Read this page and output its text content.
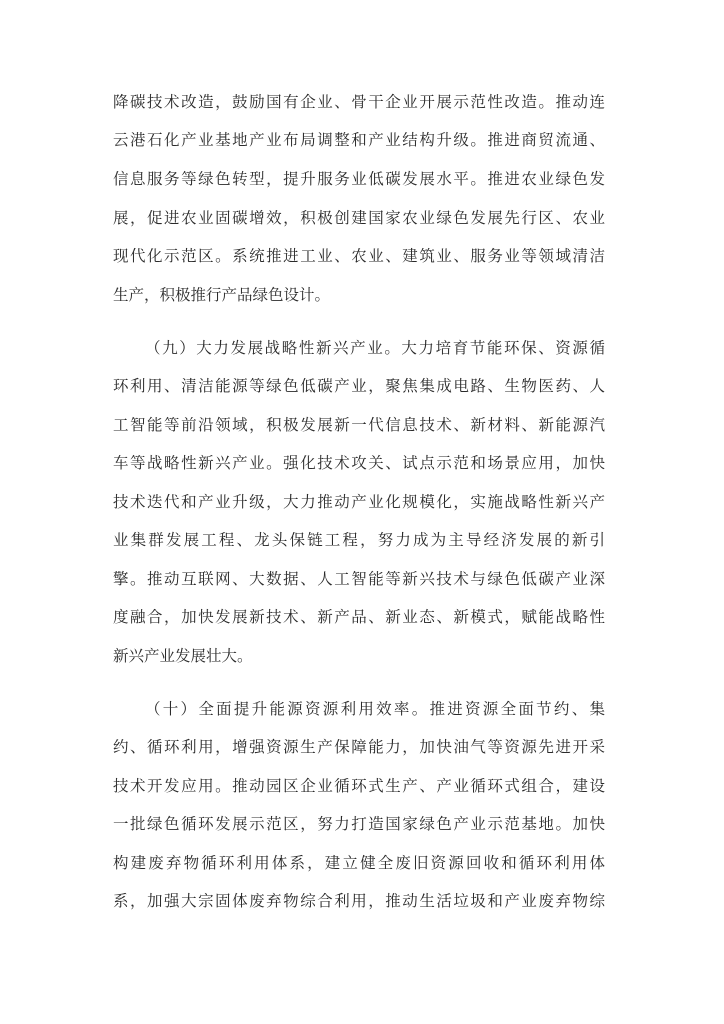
降碳技术改造，鼓励国有企业、骨干企业开展示范性改造。推动连
云港石化产业基地产业布局调整和产业结构升级。推进商贸流通、
信息服务等绿色转型，提升服务业低碳发展水平。推进农业绿色发
展，促进农业固碳增效，积极创建国家农业绿色发展先行区、农业
现代化示范区。系统推进工业、农业、建筑业、服务业等领域清洁
生产，积极推行产品绿色设计。
（九）大力发展战略性新兴产业。大力培育节能环保、资源循
环利用、清洁能源等绿色低碳产业，聚焦集成电路、生物医药、人
工智能等前沿领域，积极发展新一代信息技术、新材料、新能源汽
车等战略性新兴产业。强化技术攻关、试点示范和场景应用，加快
技术迭代和产业升级，大力推动产业化规模化，实施战略性新兴产
业集群发展工程、龙头保链工程，努力成为主导经济发展的新引
擎。推动互联网、大数据、人工智能等新兴技术与绿色低碳产业深
度融合，加快发展新技术、新产品、新业态、新模式，赋能战略性
新兴产业发展壮大。
（十）全面提升能源资源利用效率。推进资源全面节约、集
约、循环利用，增强资源生产保障能力，加快油气等资源先进开采
技术开发应用。推动园区企业循环式生产、产业循环式组合，建设
一批绿色循环发展示范区，努力打造国家绿色产业示范基地。加快
构建废弃物循环利用体系，建立健全废旧资源回收和循环利用体
系，加强大宗固体废弃物综合利用，推动生活垃圾和产业废弃物综
